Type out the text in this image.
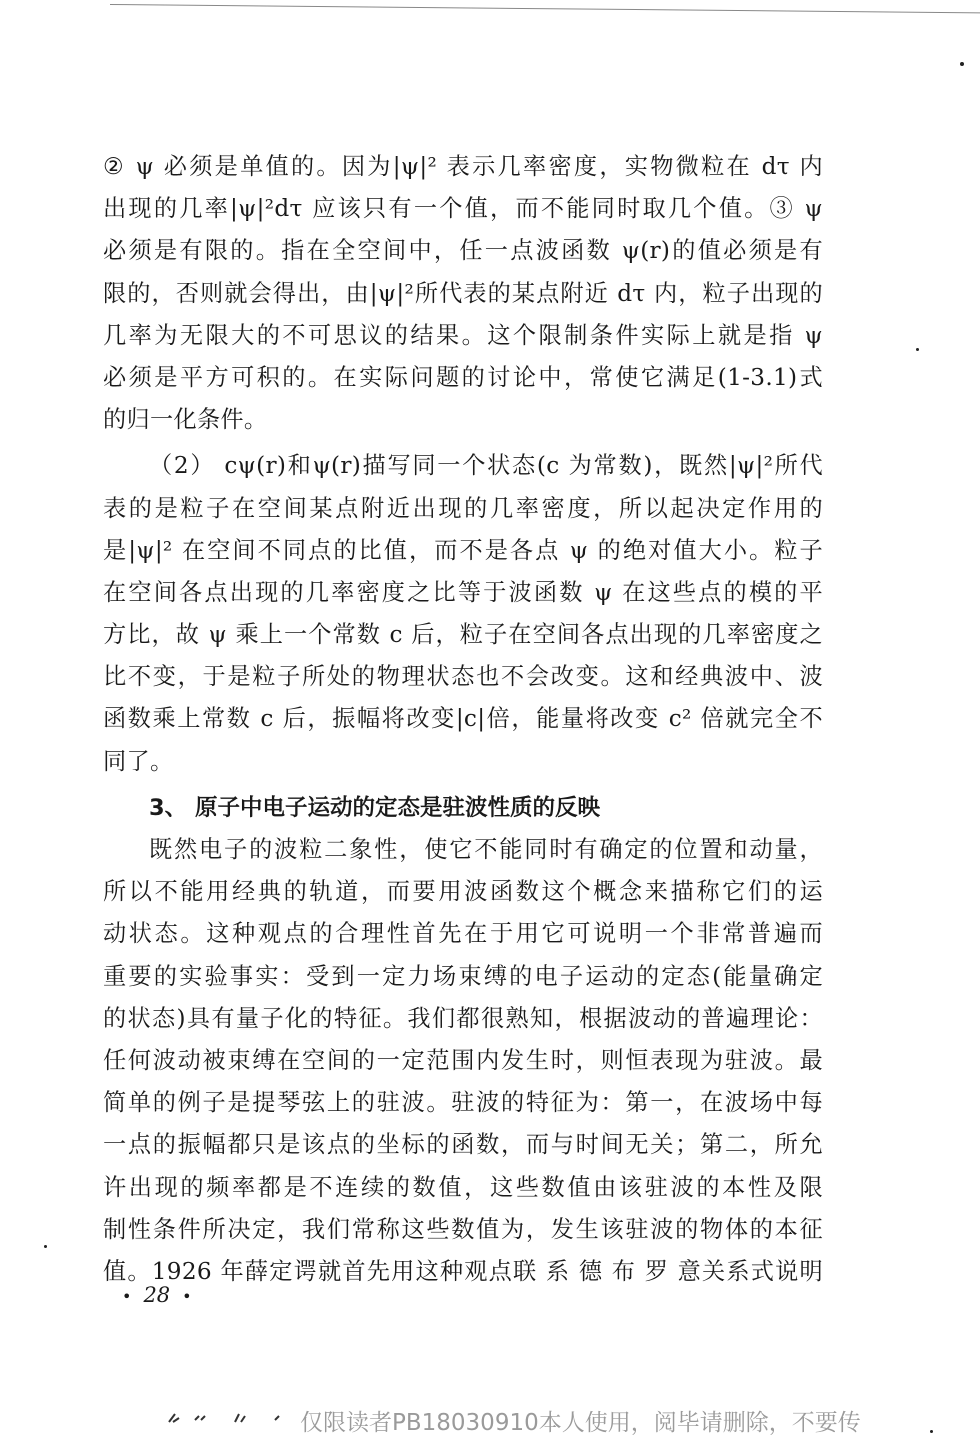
② ψ 必须是单值的。因为|ψ|² 表示几率密度，实物微粒在 dτ 内
出现的几率|ψ|²dτ 应该只有一个值，而不能同时取几个值。③ ψ
必须是有限的。指在全空间中，任一点波函数 ψ(r)的值必须是有
限的，否则就会得出，由|ψ|²所代表的某点附近 dτ 内，粒子出现的
几率为无限大的不可思议的结果。这个限制条件实际上就是指 ψ
必须是平方可积的。在实际问题的讨论中，常使它满足(1-3.1)式
的归一化条件。
（2） cψ(r)和ψ(r)描写同一个状态(c 为常数)，既然|ψ|²所代
表的是粒子在空间某点附近出现的几率密度，所以起决定作用的
是|ψ|² 在空间不同点的比值，而不是各点 ψ 的绝对值大小。粒子
在空间各点出现的几率密度之比等于波函数 ψ 在这些点的模的平
方比，故 ψ 乘上一个常数 c 后，粒子在空间各点出现的几率密度之
比不变，于是粒子所处的物理状态也不会改变。这和经典波中、波
函数乘上常数 c 后，振幅将改变|c|倍，能量将改变 c² 倍就完全不
同了。
3、 原子中电子运动的定态是驻波性质的反映
既然电子的波粒二象性，使它不能同时有确定的位置和动量，
所以不能用经典的轨道，而要用波函数这个概念来描称它们的运
动状态。这种观点的合理性首先在于用它可说明一个非常普遍而
重要的实验事实：受到一定力场束缚的电子运动的定态(能量确定
的状态)具有量子化的特征。我们都很熟知，根据波动的普遍理论：
任何波动被束缚在空间的一定范围内发生时，则恒表现为驻波。最
简单的例子是提琴弦上的驻波。驻波的特征为：第一，在波场中每
一点的振幅都只是该点的坐标的函数，而与时间无关；第二，所允
许出现的频率都是不连续的数值，这些数值由该驻波的本性及限
制性条件所决定，我们常称这些数值为，发生该驻波的物体的本征
值。1926 年薛定谔就首先用这种观点联 系 德 布 罗 意关系式说明
• 28 •
仅限读者PB18030910本人使用，阅毕请删除，不要传
